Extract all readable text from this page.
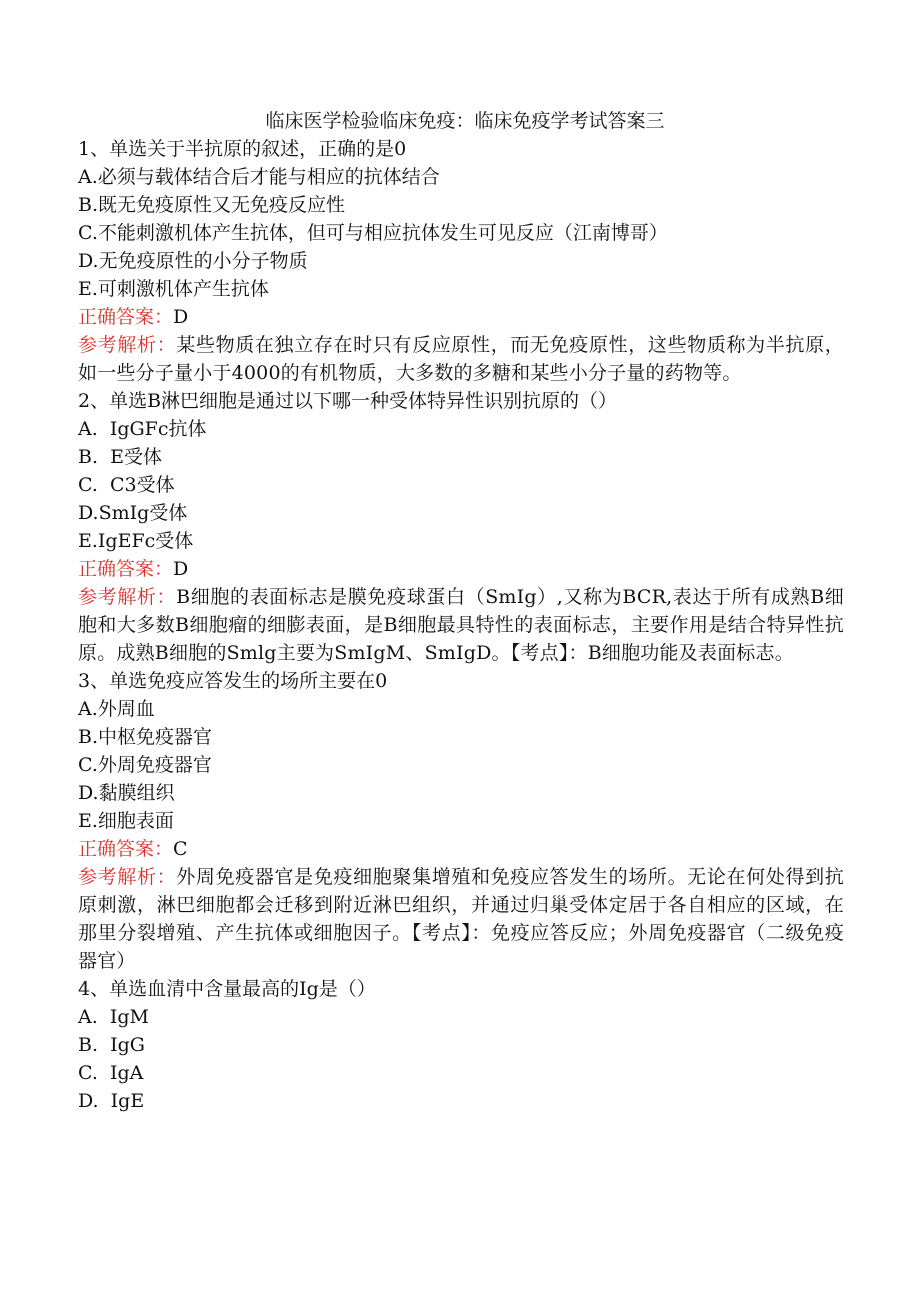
临床医学检验临床免疫：临床免疫学考试答案三

1、单选关于半抗原的叙述，正确的是0

A.必须与载体结合后才能与相应的抗体结合

B.既无免疫原性又无免疫反应性

C.不能刺激机体产生抗体，但可与相应抗体发生可见反应（江南博哥）

D.无免疫原性的小分子物质

E.可刺激机体产生抗体

正确答案：D

参考解析：某些物质在独立存在时只有反应原性，而无免疫原性，这些物质称为半抗原，如一些分子量小于4000的有机物质，大多数的多糖和某些小分子量的药物等。

2、单选B淋巴细胞是通过以下哪一种受体特异性识别抗原的（）

A.  IgGFc抗体

B.  E受体

C.  C3受体

D.SmIg受体

E.IgEFc受体

正确答案：D

参考解析：B细胞的表面标志是膜免疫球蛋白（SmIg）,又称为BCR,表达于所有成熟B细胞和大多数B细胞瘤的细膨表面，是B细胞最具特性的表面标志，主要作用是结合特异性抗原。成熟B细胞的Smlg主要为SmIgM、SmIgD。【考点】：B细胞功能及表面标志。

3、单选免疫应答发生的场所主要在0

A.外周血

B.中枢免疫器官

C.外周免疫器官

D.黏膜组织

E.细胞表面

正确答案：C

参考解析：外周免疫器官是免疫细胞聚集增殖和免疫应答发生的场所。无论在何处得到抗原刺激，淋巴细胞都会迁移到附近淋巴组织，并通过归巢受体定居于各自相应的区域，在那里分裂增殖、产生抗体或细胞因子。【考点】：免疫应答反应；外周免疫器官（二级免疫器官）

4、单选血清中含量最高的Ig是（）

A.  IgM

B.  IgG

C.  IgA

D.  IgE
